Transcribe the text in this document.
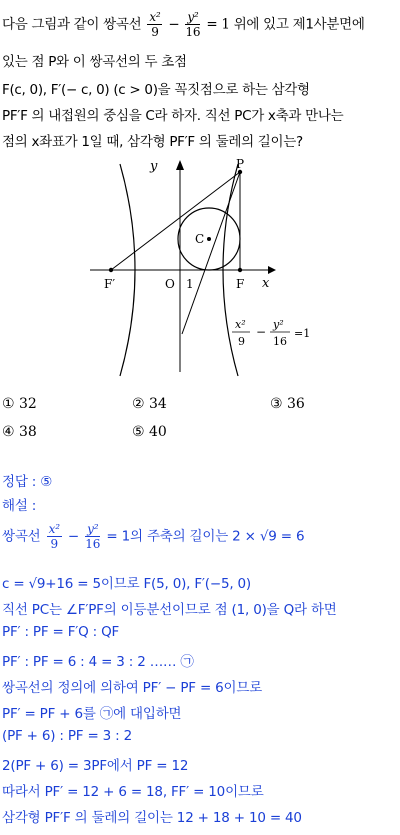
다음 그림과 같이 쌍곡선 $\frac{\text{x²}}{9} - \frac{\text{y²}}{16} = 1$ 위에 있고 제1사분면에
있는 점 P와 이 쌍곡선의 두 초점
F(c, 0), F′(− c, 0) (c > 0)을 꼭짓점으로 하는 삼각형
PF′F 의 내접원의 중심을 C라 하자. 직선 PC가 x축과 만나는
점의 x좌표가 1일 때, 삼각형 PF′F 의 둘레의 길이는?
y
x
P
C
O 1	F
F′
x²
9
−
y²
16
=1
① 32	② 34	③ 36
④ 38	⑤ 40
정답 : ⑤
해설 :
쌍곡선 $\frac{\text{x²}}{9} - \frac{\text{y²}}{16} = 1$의 주축의 길이는 2 × √9 = 6
c = √9+16 = 5이므로 F(5, 0), F′(−5, 0)
직선 PC는 ∠F′PF의 이등분선이므로 점 (1, 0)을 Q라 하면
PF′ : PF = F′Q : QF
PF′ : PF = 6 : 4 = 3 : 2 …… ㉠
쌍곡선의 정의에 의하여 PF′ − PF = 6이므로
PF′ = PF + 6를 ㉠에 대입하면
(PF + 6) : PF = 3 : 2
2(PF + 6) = 3PF에서 PF = 12
따라서 PF′ = 12 + 6 = 18, FF′ = 10이므로
삼각형 PF′F 의 둘레의 길이는 12 + 18 + 10 = 40
